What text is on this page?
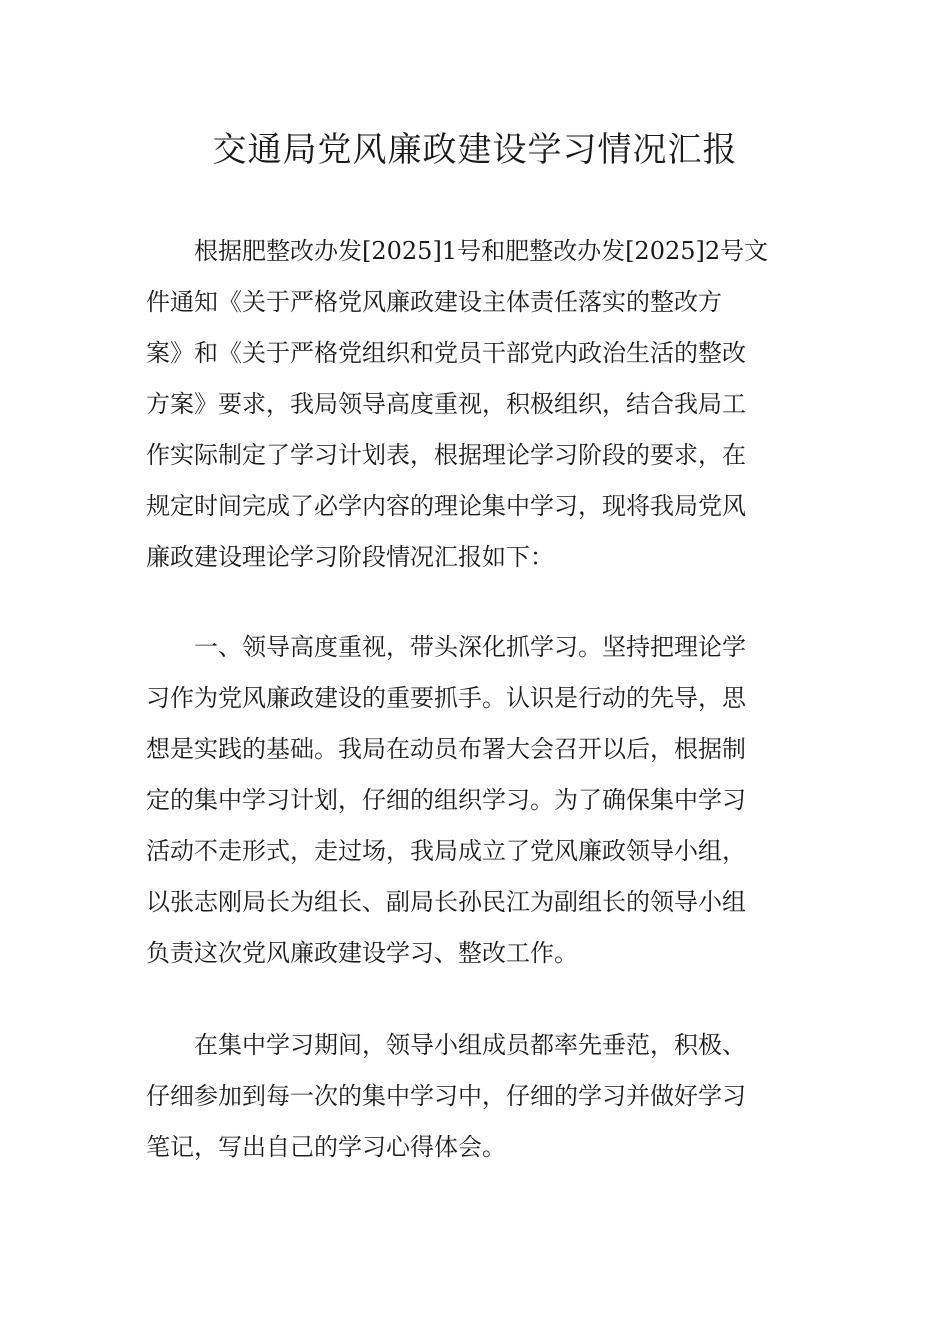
交通局党风廉政建设学习情况汇报
　　根据肥整改办发[2025]1号和肥整改办发[2025]2号文
件通知《关于严格党风廉政建设主体责任落实的整改方
案》和《关于严格党组织和党员干部党内政治生活的整改
方案》要求，我局领导高度重视，积极组织，结合我局工
作实际制定了学习计划表，根据理论学习阶段的要求，在
规定时间完成了必学内容的理论集中学习，现将我局党风
廉政建设理论学习阶段情况汇报如下：
　　一、领导高度重视，带头深化抓学习。坚持把理论学
习作为党风廉政建设的重要抓手。认识是行动的先导，思
想是实践的基础。我局在动员布署大会召开以后，根据制
定的集中学习计划，仔细的组织学习。为了确保集中学习
活动不走形式，走过场，我局成立了党风廉政领导小组，
以张志刚局长为组长、副局长孙民江为副组长的领导小组
负责这次党风廉政建设学习、整改工作。
　　在集中学习期间，领导小组成员都率先垂范，积极、
仔细参加到每一次的集中学习中，仔细的学习并做好学习
笔记，写出自己的学习心得体会。
